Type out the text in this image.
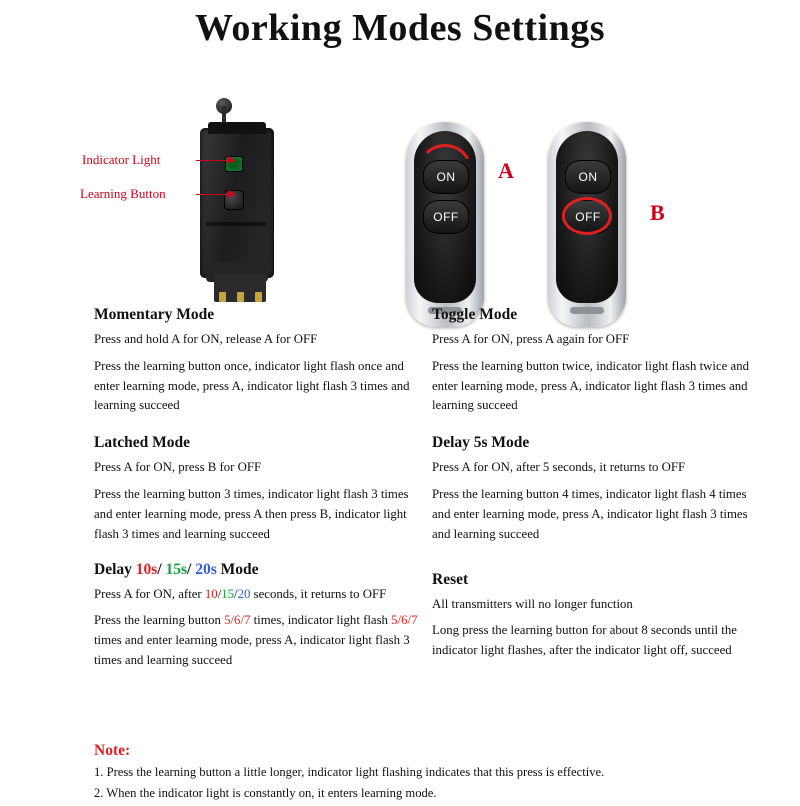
Working Modes Settings
Indicator Light
Learning Button
ON
OFF
A	ON
OFF	B
Momentary Mode

Press and hold A for ON, release A for OFF

Press the learning button once, indicator light flash once and enter learning mode, press A, indicator light flash 3 times and learning succeed

Latched Mode

Press A for ON, press B for OFF

Press the learning button 3 times, indicator light flash 3 times and enter learning mode, press A then press B, indicator light flash 3 times and learning succeed

Delay 10s/ 15s/ 20s Mode

Press A for ON, after 10/15/20 seconds, it returns to OFF

Press the learning button 5/6/7 times, indicator light flash 5/6/7 times and enter learning mode, press A, indicator light flash 3 times and learning succeed

Toggle Mode

Press A for ON, press A again for OFF

Press the learning button twice, indicator light flash twice and enter learning mode, press A, indicator light flash 3 times and learning succeed

Delay 5s Mode

Press A for ON, after 5 seconds, it returns to OFF

Press the learning button 4 times, indicator light flash 4 times and enter learning mode, press A, indicator light flash 3 times and learning succeed

Reset

All transmitters will no longer function

Long press the learning button for about 8 seconds until the indicator light flashes, after the indicator light off, succeed

Note:

1. Press the learning button a little longer, indicator light flashing indicates that this press is effective.

2. When the indicator light is constantly on, it enters learning mode.
